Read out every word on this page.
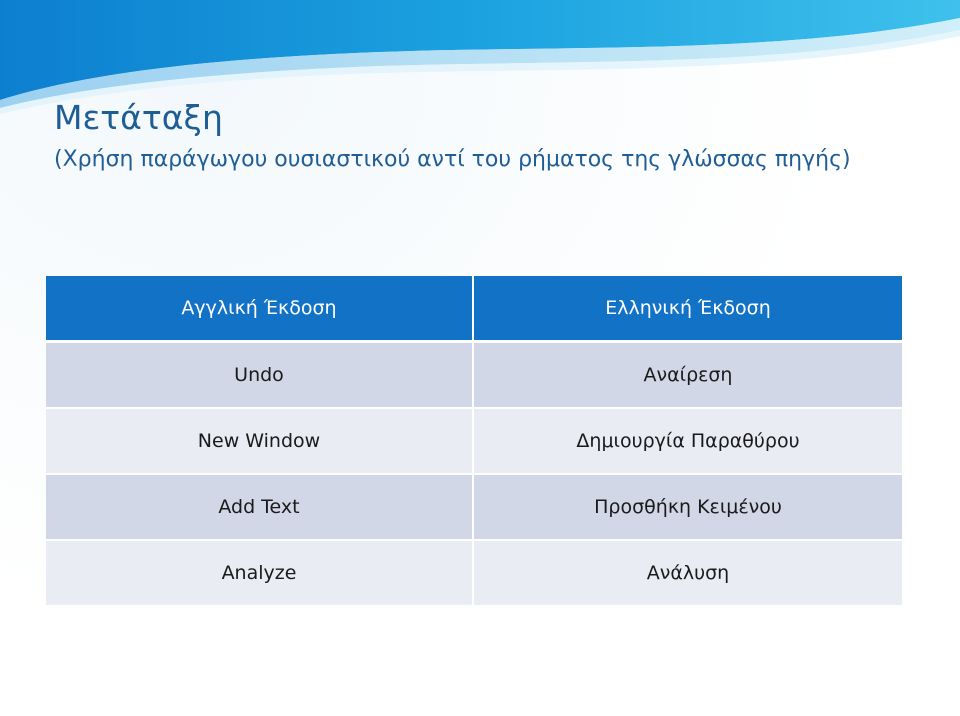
Μετάταξη

(Χρήση παράγωγου ουσιαστικού αντί του ρήματος της γλώσσας πηγής)

Αγγλική Έκδοση	Ελληνική Έκδοση
Undo	Αναίρεση
New Window	Δημιουργία Παραθύρου
Add Text	Προσθήκη Κειμένου
Analyze	Ανάλυση
